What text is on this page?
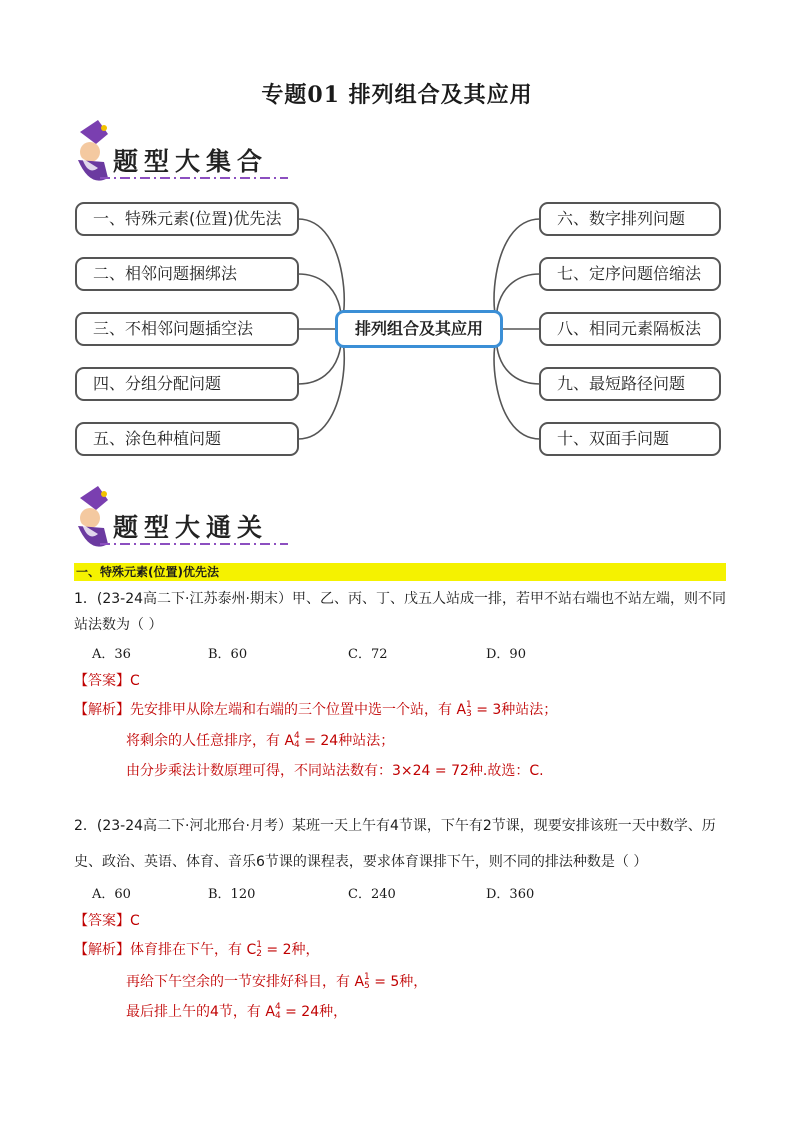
专题01 排列组合及其应用
题型大集合
一、特殊元素(位置)优先法
二、相邻问题捆绑法
三、不相邻问题插空法
四、分组分配问题
五、涂色种植问题
排列组合及其应用
六、数字排列问题
七、定序问题倍缩法
八、相同元素隔板法
九、最短路径问题
十、双面手问题
题型大通关
一、特殊元素(位置)优先法
1．(23-24高二下·江苏泰州·期末）甲、乙、丙、丁、戊五人站成一排，若甲不站右端也不站左端，则不同
站法数为（ ）
A．36	B．60	C．72	D．90
【答案】C
【解析】先安排甲从除左端和右端的三个位置中选一个站，有 A 1
3 = 3种站法；
将剩余的人任意排序，有 A 4
4 = 24种站法；
由分步乘法计数原理可得，不同站法数有：3×24 = 72种.故选：C.
2．(23-24高二下·河北邢台·月考）某班一天上午有4节课，下午有2节课，现要安排该班一天中数学、历
史、政治、英语、体育、音乐6节课的课程表，要求体育课排下午，则不同的排法种数是（ ）
A．60	B．120	C．240	D．360
【答案】C
【解析】体育排在下午，有 C 1
2 = 2种，
再给下午空余的一节安排好科目，有 A 1
5 = 5种，
最后排上午的4节，有 A 4
4 = 24种，
